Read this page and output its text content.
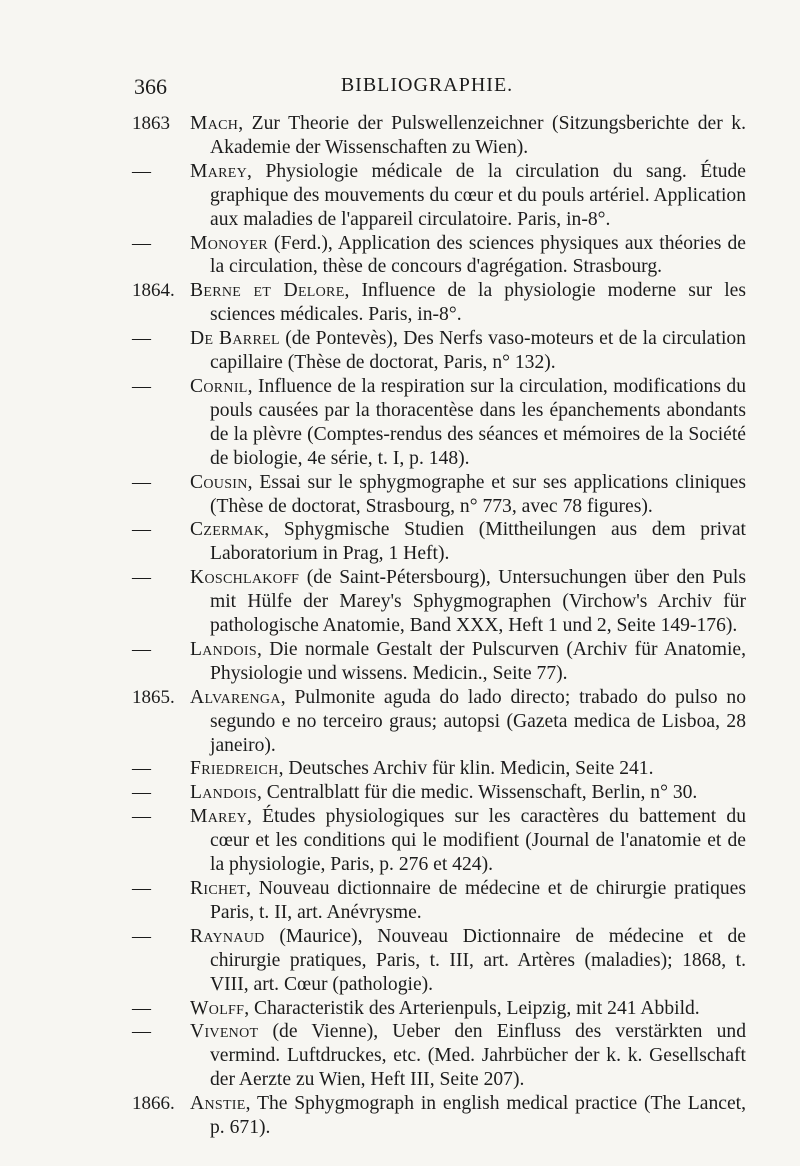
366	BIBLIOGRAPHIE.
1863	Mach, Zur Theorie der Pulswellenzeichner (Sitzungsberichte der k. Akademie der Wissenschaften zu Wien).
—	Marey, Physiologie médicale de la circulation du sang. Étude graphique des mouvements du cœur et du pouls artériel. Application aux maladies de l'appareil circulatoire. Paris, in-8°.
—	Monoyer (Ferd.), Application des sciences physiques aux théories de la circulation, thèse de concours d'agrégation. Strasbourg.
1864. Berne et Delore, Influence de la physiologie moderne sur les sciences médicales. Paris, in-8°.
—	De Barrel (de Pontevès), Des Nerfs vaso-moteurs et de la circulation capillaire (Thèse de doctorat, Paris, n° 132).
—	Cornil, Influence de la respiration sur la circulation, modifications du pouls causées par la thoracentèse dans les épanchements abondants de la plèvre (Comptes-rendus des séances et mémoires de la Société de biologie, 4e série, t. I, p. 148).
—	Cousin, Essai sur le sphygmographe et sur ses applications cliniques (Thèse de doctorat, Strasbourg, n° 773, avec 78 figures).
—	Czermak, Sphygmische Studien (Mittheilungen aus dem privat Laboratorium in Prag, 1 Heft).
—	Koschlakoff (de Saint-Pétersbourg), Untersuchungen über den Puls mit Hülfe der Marey's Sphygmographen (Virchow's Archiv für pathologische Anatomie, Band XXX, Heft 1 und 2, Seite 149-176).
—	Landois, Die normale Gestalt der Pulscurven (Archiv für Anatomie, Physiologie und wissens. Medicin., Seite 77).
1865. Alvarenga, Pulmonite aguda do lado directo; trabado do pulso no segundo e no terceiro graus; autopsi (Gazeta medica de Lisboa, 28 janeiro).
—	Friedreich, Deutsches Archiv für klin. Medicin, Seite 241.
—	Landois, Centralblatt für die medic. Wissenschaft, Berlin, n° 30.
—	Marey, Études physiologiques sur les caractères du battement du cœur et les conditions qui le modifient (Journal de l'anatomie et de la physiologie, Paris, p. 276 et 424).
—	Richet, Nouveau dictionnaire de médecine et de chirurgie pratiques Paris, t. II, art. Anévrysme.
—	Raynaud (Maurice), Nouveau Dictionnaire de médecine et de chirurgie pratiques, Paris, t. III, art. Artères (maladies); 1868, t. VIII, art. Cœur (pathologie).
—	Wolff, Characteristik des Arterienpuls, Leipzig, mit 241 Abbild.
—	Vivenot (de Vienne), Ueber den Einfluss des verstärkten und vermind. Luftdruckes, etc. (Med. Jahrbücher der k. k. Gesellschaft der Aerzte zu Wien, Heft III, Seite 207).
1866. Anstie, The Sphygmograph in english medical practice (The Lancet, p. 671).
